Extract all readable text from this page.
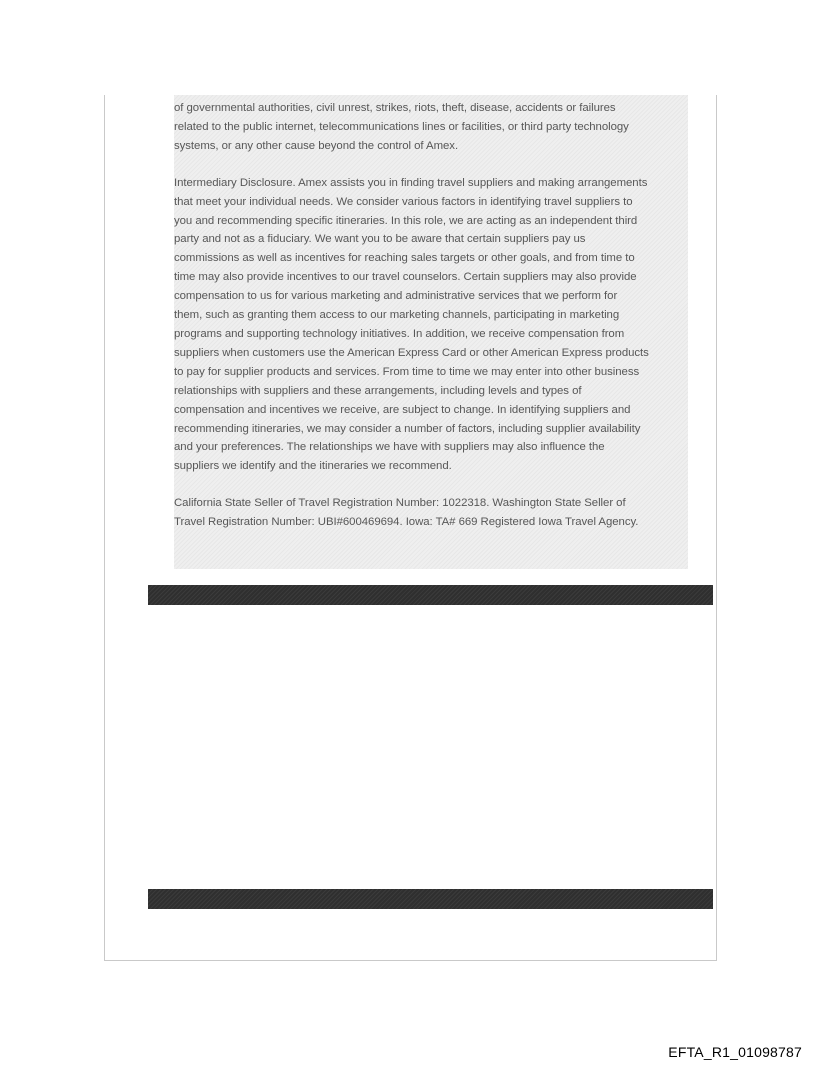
of governmental authorities, civil unrest, strikes, riots, theft, disease, accidents or failures
related to the public internet, telecommunications lines or facilities, or third party technology
systems, or any other cause beyond the control of Amex.

Intermediary Disclosure. Amex assists you in finding travel suppliers and making arrangements
that meet your individual needs. We consider various factors in identifying travel suppliers to
you and recommending specific itineraries. In this role, we are acting as an independent third
party and not as a fiduciary. We want you to be aware that certain suppliers pay us
commissions as well as incentives for reaching sales targets or other goals, and from time to
time may also provide incentives to our travel counselors. Certain suppliers may also provide
compensation to us for various marketing and administrative services that we perform for
them, such as granting them access to our marketing channels, participating in marketing
programs and supporting technology initiatives. In addition, we receive compensation from
suppliers when customers use the American Express Card or other American Express products
to pay for supplier products and services. From time to time we may enter into other business
relationships with suppliers and these arrangements, including levels and types of
compensation and incentives we receive, are subject to change. In identifying suppliers and
recommending itineraries, we may consider a number of factors, including supplier availability
and your preferences. The relationships we have with suppliers may also influence the
suppliers we identify and the itineraries we recommend.

California State Seller of Travel Registration Number: 1022318. Washington State Seller of
Travel Registration Number: UBI#600469694. Iowa: TA# 669 Registered Iowa Travel Agency.

EFTA_R1_01098787
